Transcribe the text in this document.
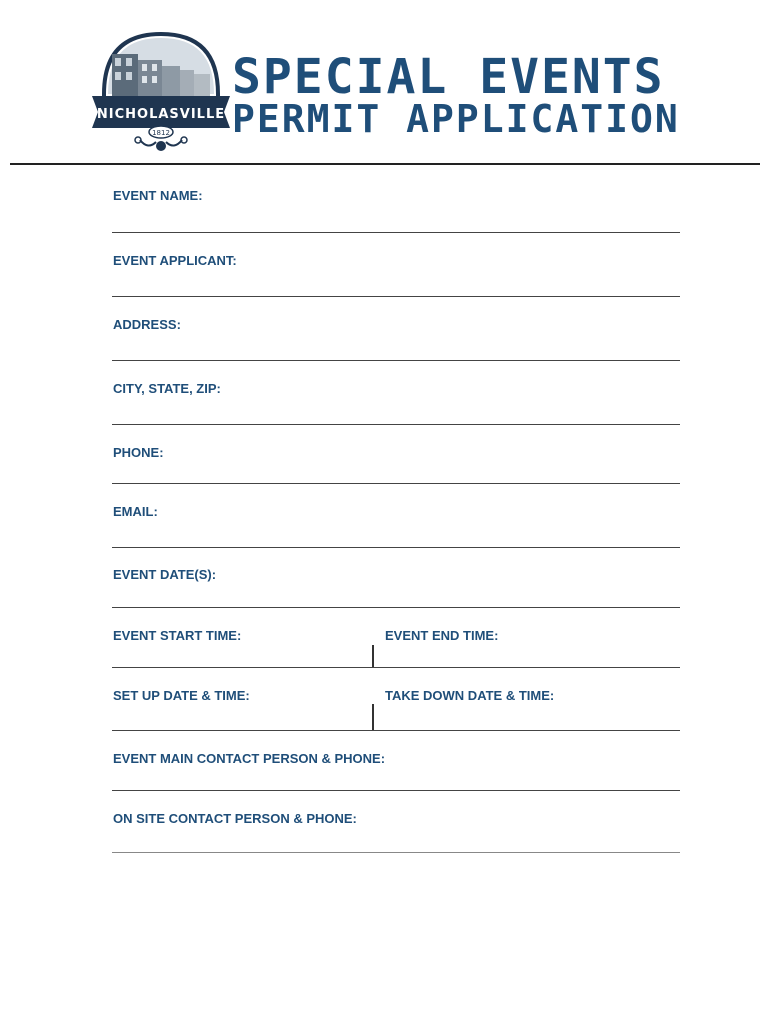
NICHOLASVILLE
1812
SPECIAL EVENTS
PERMIT APPLICATION
EVENT NAME:
EVENT APPLICANT:
ADDRESS:
CITY, STATE, ZIP:
PHONE:
EMAIL:
EVENT DATE(S):
EVENT START TIME:	EVENT END TIME:
SET UP DATE & TIME:	TAKE DOWN DATE & TIME:
EVENT MAIN CONTACT PERSON & PHONE:
ON SITE CONTACT PERSON & PHONE:
